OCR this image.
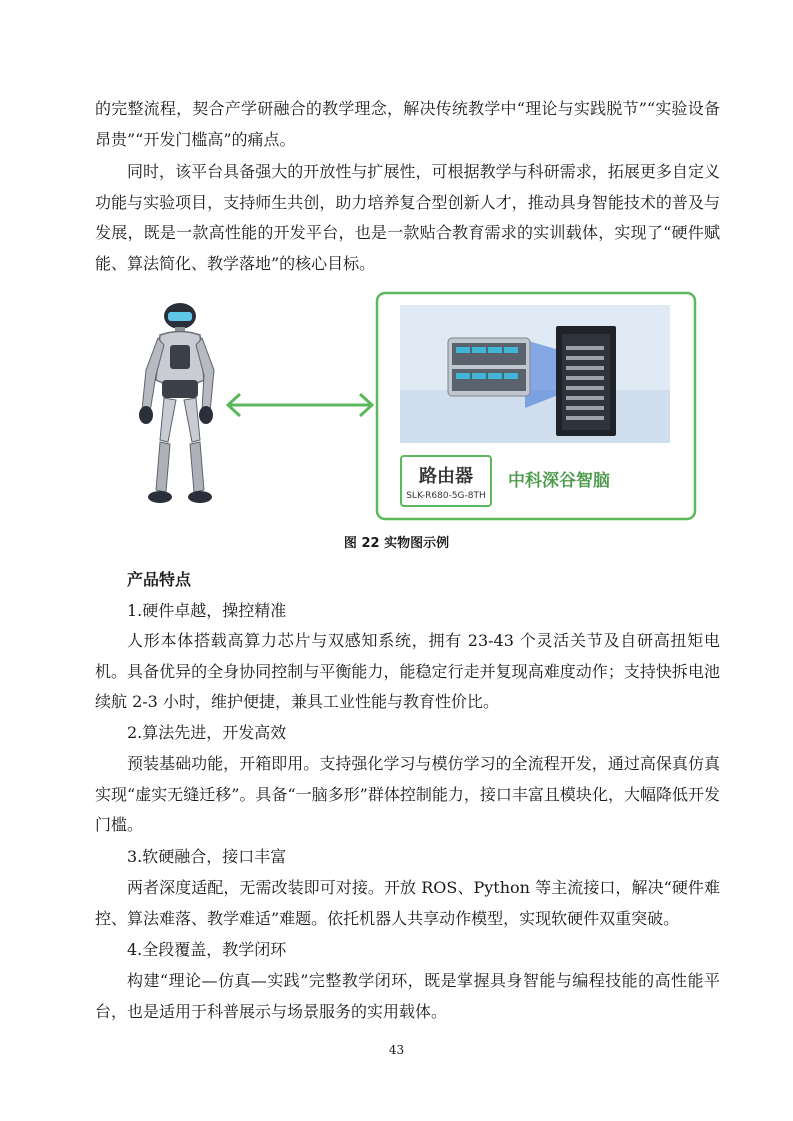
的完整流程，契合产学研融合的教学理念，解决传统教学中“理论与实践脱节”“实验设备昂贵”“开发门槛高”的痛点。

同时，该平台具备强大的开放性与扩展性，可根据教学与科研需求，拓展更多自定义功能与实验项目，支持师生共创，助力培养复合型创新人才，推动具身智能技术的普及与发展，既是一款高性能的开发平台，也是一款贴合教育需求的实训载体，实现了“硬件赋能、算法简化、教学落地”的核心目标。

路由器
SLK-R680-5G-8TH
中科深谷智脑
图 22 实物图示例

产品特点

1.硬件卓越，操控精准

人形本体搭载高算力芯片与双感知系统，拥有 23-43 个灵活关节及自研高扭矩电机。具备优异的全身协同控制与平衡能力，能稳定行走并复现高难度动作；支持快拆电池续航 2-3 小时，维护便捷，兼具工业性能与教育性价比。

2.算法先进，开发高效

预装基础功能，开箱即用。支持强化学习与模仿学习的全流程开发，通过高保真仿真实现“虚实无缝迁移”。具备“一脑多形”群体控制能力，接口丰富且模块化，大幅降低开发门槛。

3.软硬融合，接口丰富

两者深度适配，无需改装即可对接。开放 ROS、Python 等主流接口，解决“硬件难控、算法难落、教学难适”难题。依托机器人共享动作模型，实现软硬件双重突破。

4.全段覆盖，教学闭环

构建“理论—仿真—实践”完整教学闭环，既是掌握具身智能与编程技能的高性能平台，也是适用于科普展示与场景服务的实用载体。

43
